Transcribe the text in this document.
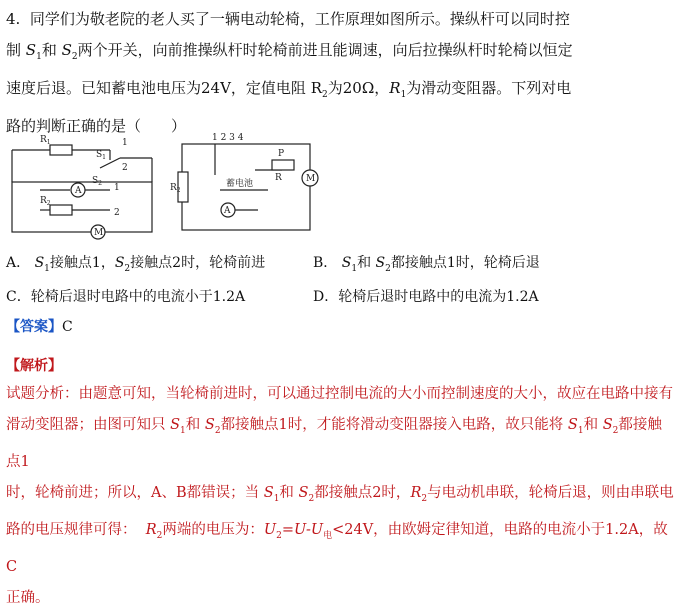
4. 同学们为敬老院的老人买了一辆电动轮椅，工作原理如图所示。操纵杆可以同时控

制 $S_1$和 $S_2$两个开关，向前推操纵杆时轮椅前进且能调速，向后拉操纵杆时轮椅以恒定

速度后退。已知蓄电池电压为24V，定值电阻 $R_2$为20Ω，$R_1$为滑动变阻器。下列对电

路的判断正确的是（　　）

$R_1$
$S_1$
$S_2$
$R_2$
A
M
1
2
1
2
1 2 3 4
P
$R_2$
R
蓄电池
A
M
A． $S_1$接触点1，$S_2$接触点2时，轮椅前进	B． $S_1$和 $S_2$都接触点1时，轮椅后退
C．轮椅后退时电路中的电流小于1.2A	D．轮椅后退时电路中的电流为1.2A
【答案】C
【解析】
试题分析：由题意可知，当轮椅前进时，可以通过控制电流的大小而控制速度的大小，故应在电路中接有
滑动变阻器；由图可知只 $S_1$和 $S_2$都接触点1时，才能将滑动变阻器接入电路，故只能将 $S_1$和 $S_2$都接触点1
时，轮椅前进；所以，A、B都错误；当 $S_1$和 $S_2$都接触点2时，$R_2$与电动机串联，轮椅后退，则由串联电
路的电压规律可得： $R_2$两端的电压为：$U_2=U-U_电<24V$，由欧姆定律知道，电路的电流小于1.2A，故C
正确。
